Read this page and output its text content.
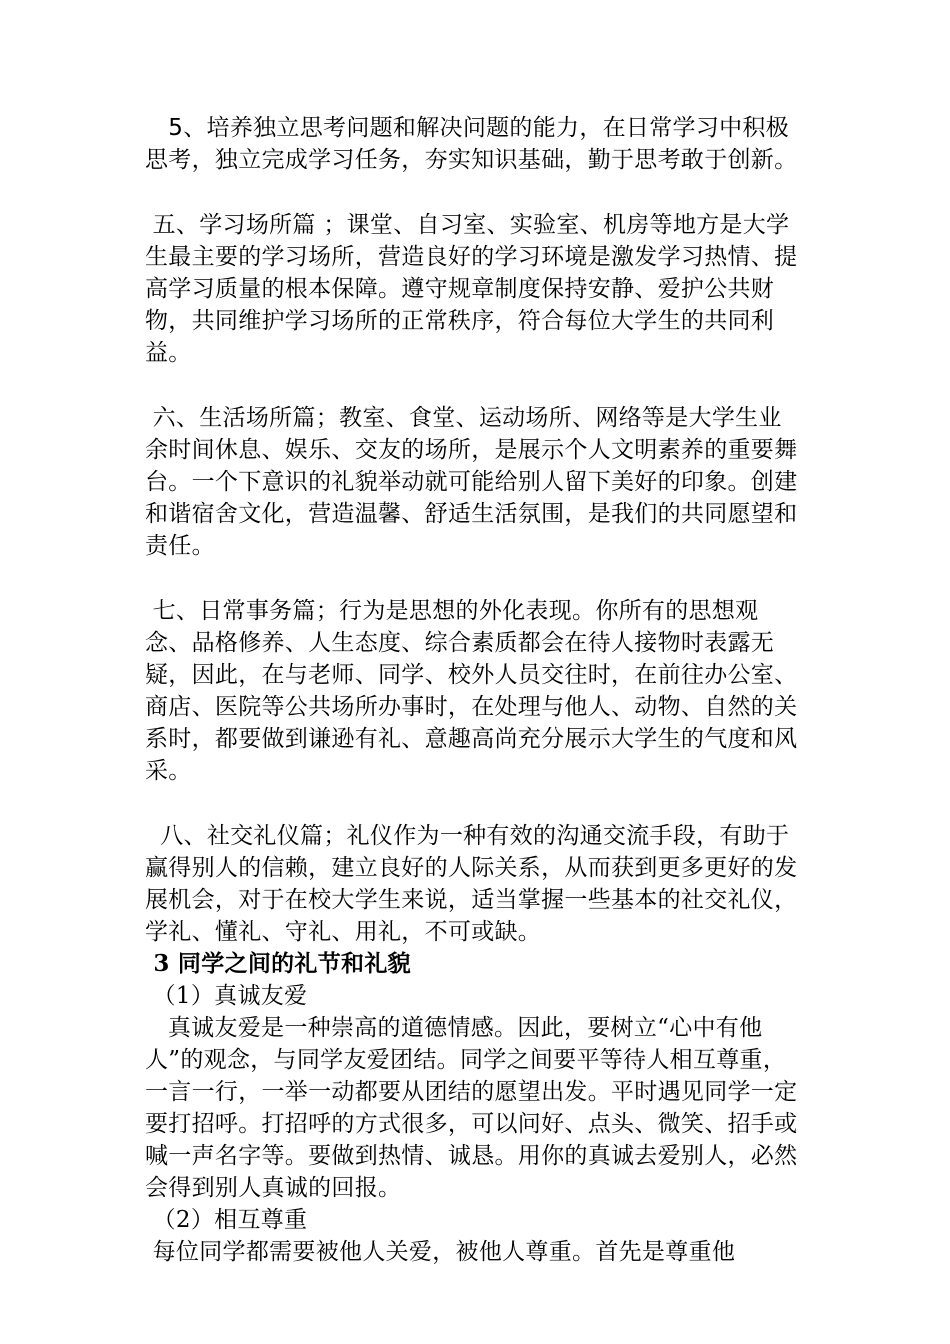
　5、培养独立思考问题和解决问题的能力，在日常学习中积极思考，独立完成学习任务，夯实知识基础，勤于思考敢于创新。

五、学习场所篇 ；课堂、自习室、实验室、机房等地方是大学生最主要的学习场所，营造良好的学习环境是激发学习热情、提高学习质量的根本保障。遵守规章制度保持安静、爱护公共财物，共同维护学习场所的正常秩序，符合每位大学生的共同利益。

六、生活场所篇；教室、食堂、运动场所、网络等是大学生业余时间休息、娱乐、交友的场所，是展示个人文明素养的重要舞台。一个下意识的礼貌举动就可能给别人留下美好的印象。创建和谐宿舍文化，营造温馨、舒适生活氛围，是我们的共同愿望和责任。

七、日常事务篇；行为是思想的外化表现。你所有的思想观念、品格修养、人生态度、综合素质都会在待人接物时表露无疑，因此，在与老师、同学、校外人员交往时，在前往办公室、商店、医院等公共场所办事时，在处理与他人、动物、自然的关系时，都要做到谦逊有礼、意趣高尚充分展示大学生的气度和风采。

八、社交礼仪篇；礼仪作为一种有效的沟通交流手段，有助于赢得别人的信赖，建立良好的人际关系，从而获到更多更好的发展机会，对于在校大学生来说，适当掌握一些基本的社交礼仪，学礼、懂礼、守礼、用礼，不可或缺。

3 同学之间的礼节和礼貌

（1）真诚友爱

真诚友爱是一种崇高的道德情感。因此，要树立“心中有他人”的观念，与同学友爱团结。同学之间要平等待人相互尊重，一言一行，一举一动都要从团结的愿望出发。平时遇见同学一定要打招呼。打招呼的方式很多，可以问好、点头、微笑、招手或喊一声名字等。要做到热情、诚恳。用你的真诚去爱别人，必然会得到别人真诚的回报。

（2）相互尊重

每位同学都需要被他人关爱，被他人尊重。首先是尊重他
